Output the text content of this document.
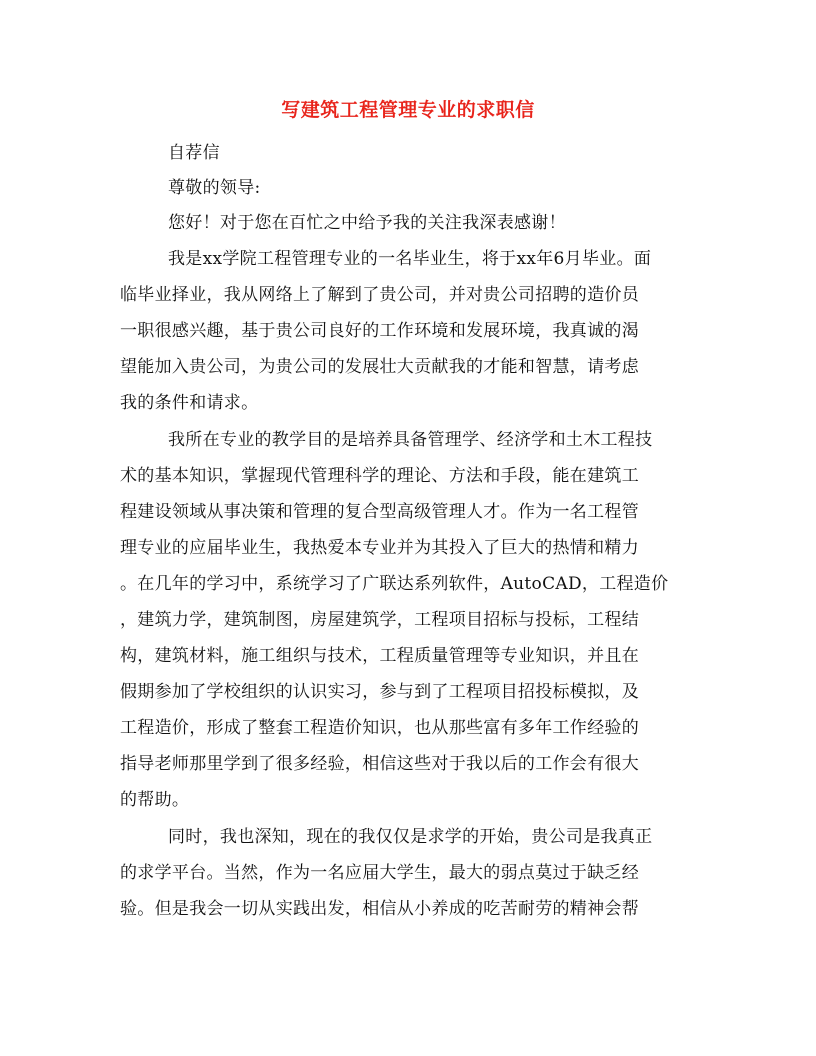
写建筑工程管理专业的求职信
自荐信
尊敬的领导:
您好！对于您在百忙之中给予我的关注我深表感谢！
我是xx学院工程管理专业的一名毕业生，将于xx年6月毕业。面
临毕业择业，我从网络上了解到了贵公司，并对贵公司招聘的造价员
一职很感兴趣，基于贵公司良好的工作环境和发展环境，我真诚的渴
望能加入贵公司，为贵公司的发展壮大贡献我的才能和智慧，请考虑
我的条件和请求。
我所在专业的教学目的是培养具备管理学、经济学和土木工程技
术的基本知识，掌握现代管理科学的理论、方法和手段，能在建筑工
程建设领域从事决策和管理的复合型高级管理人才。作为一名工程管
理专业的应届毕业生，我热爱本专业并为其投入了巨大的热情和精力
。在几年的学习中，系统学习了广联达系列软件，AutoCAD，工程造价
，建筑力学，建筑制图，房屋建筑学，工程项目招标与投标，工程结
构，建筑材料，施工组织与技术，工程质量管理等专业知识，并且在
假期参加了学校组织的认识实习，参与到了工程项目招投标模拟，及
工程造价，形成了整套工程造价知识，也从那些富有多年工作经验的
指导老师那里学到了很多经验，相信这些对于我以后的工作会有很大
的帮助。
同时，我也深知，现在的我仅仅是求学的开始，贵公司是我真正
的求学平台。当然，作为一名应届大学生，最大的弱点莫过于缺乏经
验。但是我会一切从实践出发，相信从小养成的吃苦耐劳的精神会帮
